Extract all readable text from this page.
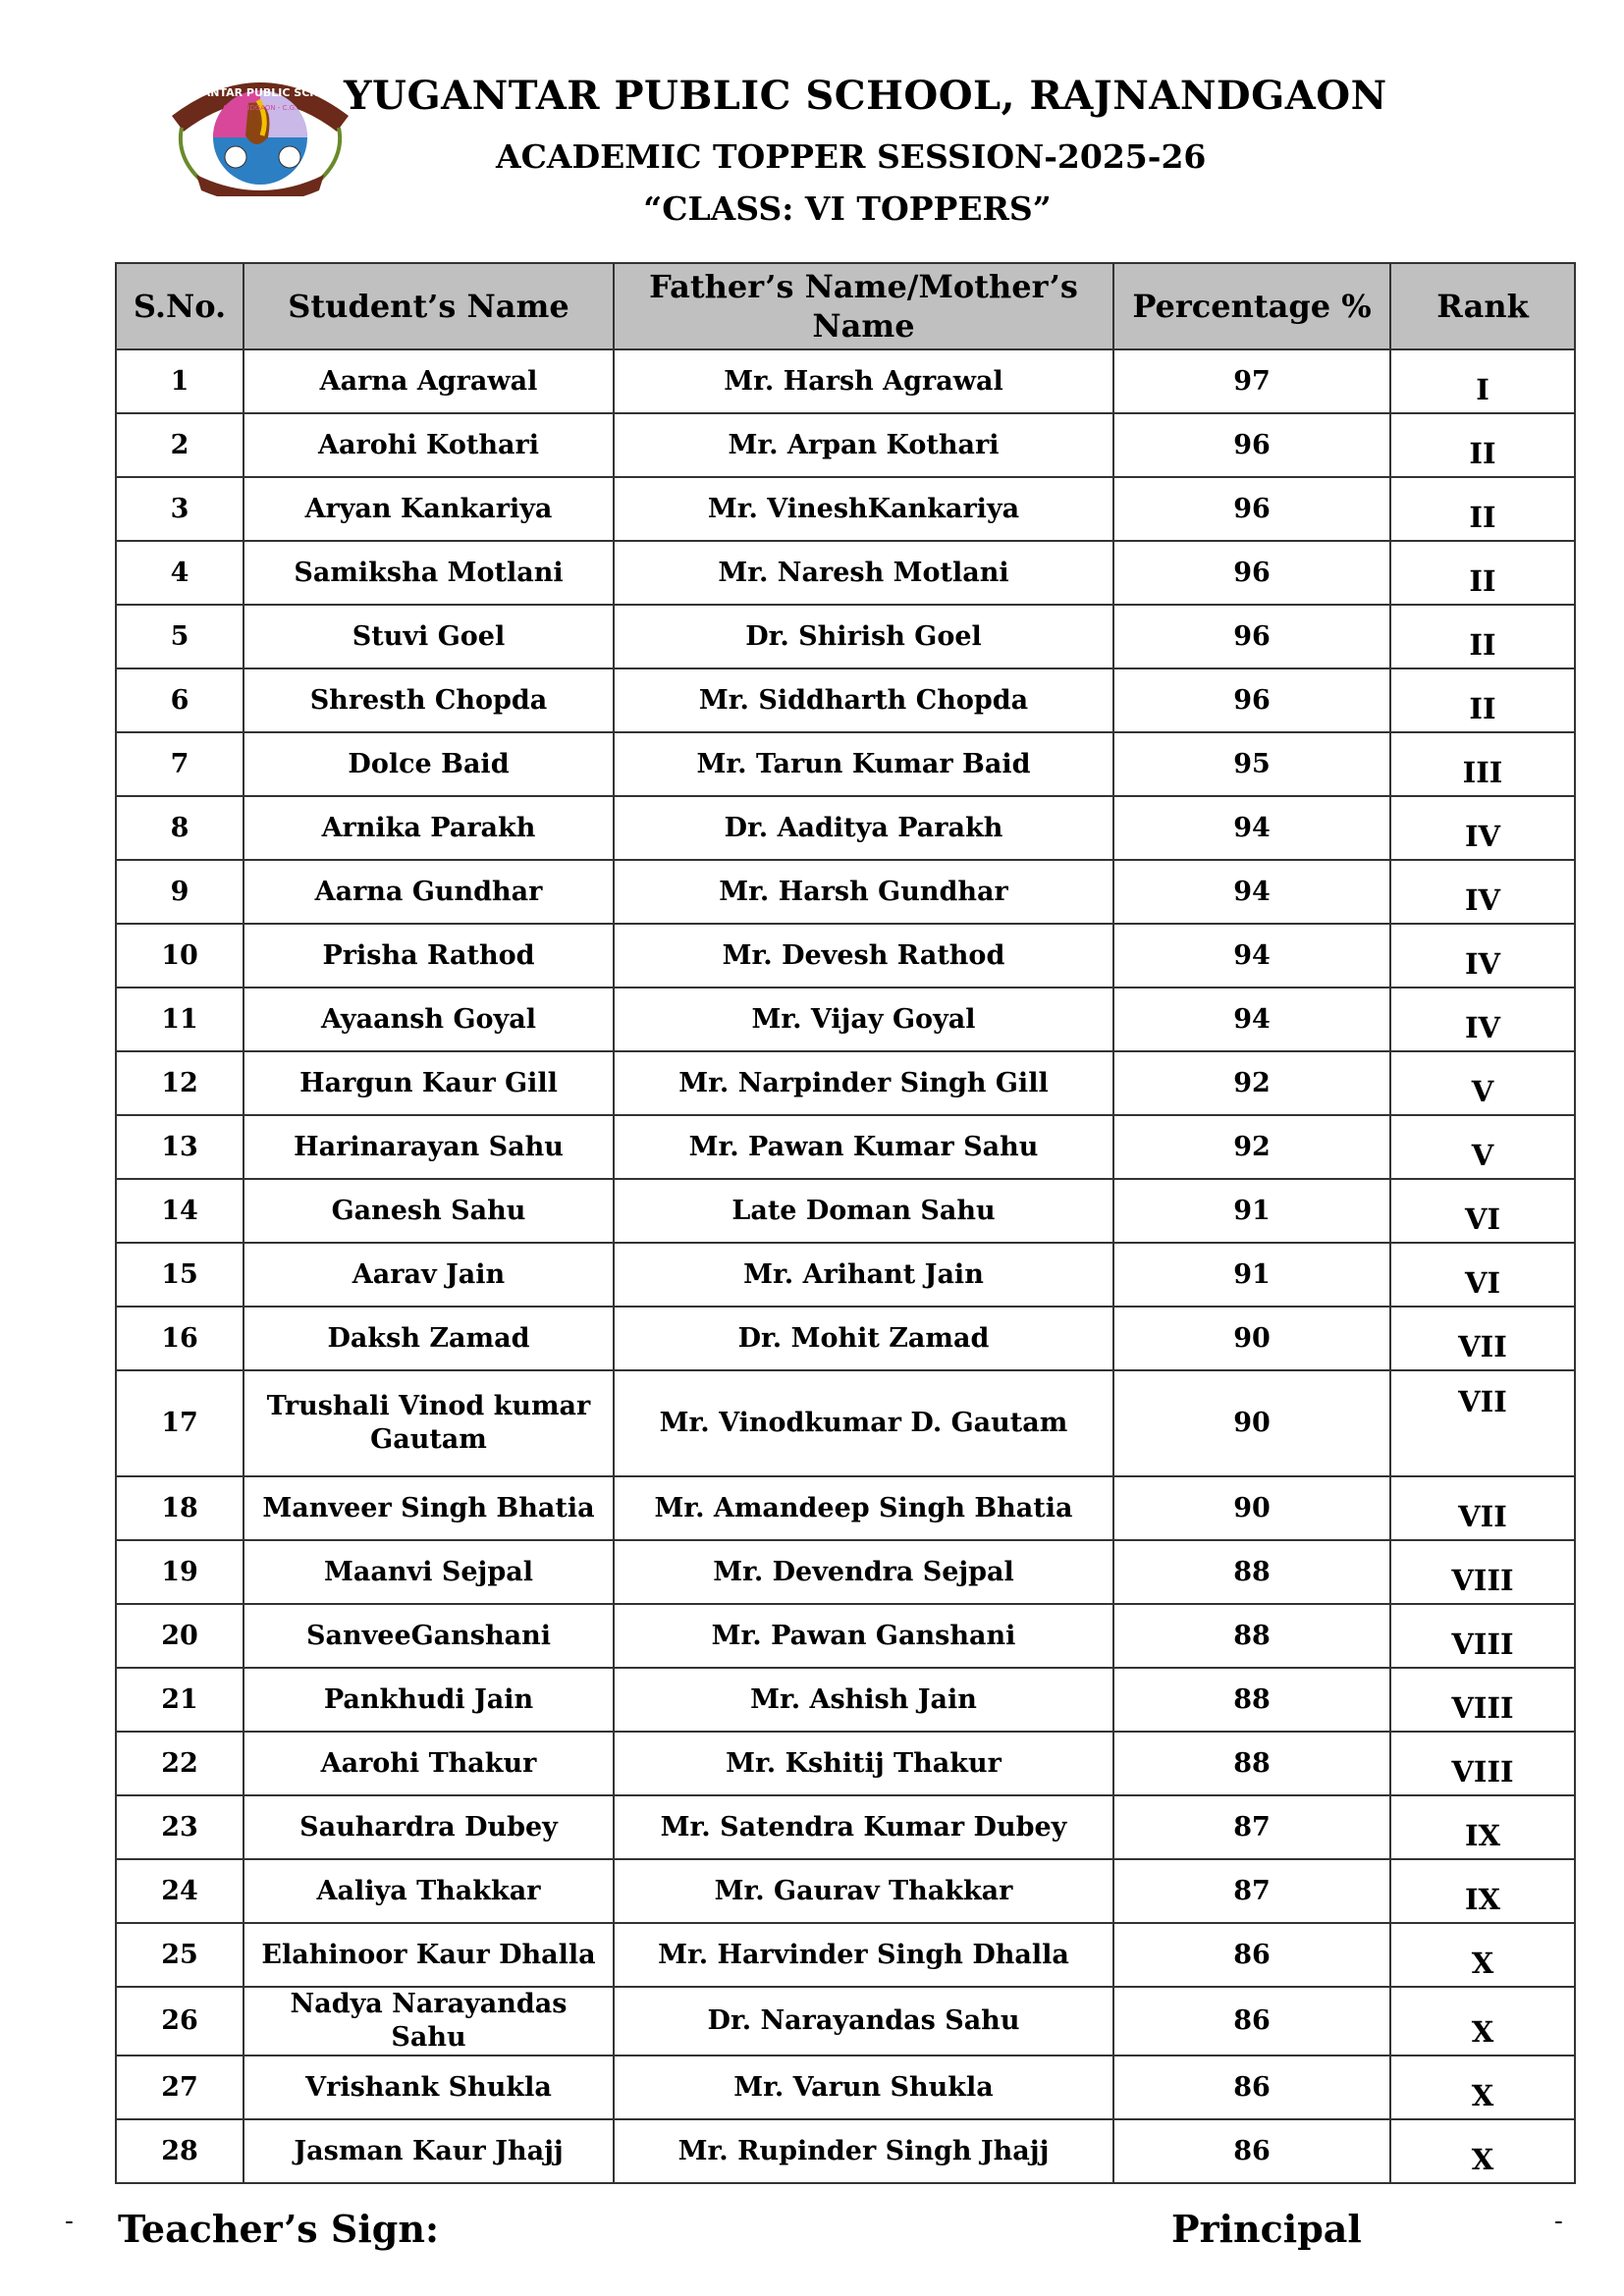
YUGANTAR PUBLIC SCHOOL
RAJNANDGAON - C.G. YUGANTAR PUBLIC SCHOOL, RAJNANDGAON
ACADEMIC TOPPER SESSION-2025-26
“CLASS: VI TOPPERS”
S.No.	Student’s Name	Father’s Name/Mother’s Name	Percentage %	Rank
1	Aarna Agrawal	Mr. Harsh Agrawal	97	I
2	Aarohi Kothari	Mr. Arpan Kothari	96	II
3	Aryan Kankariya	Mr. VineshKankariya	96	II
4	Samiksha Motlani	Mr. Naresh Motlani	96	II
5	Stuvi Goel	Dr. Shirish Goel	96	II
6	Shresth Chopda	Mr. Siddharth Chopda	96	II
7	Dolce Baid	Mr. Tarun Kumar Baid	95	III
8	Arnika Parakh	Dr. Aaditya Parakh	94	IV
9	Aarna Gundhar	Mr. Harsh Gundhar	94	IV
10	Prisha Rathod	Mr. Devesh Rathod	94	IV
11	Ayaansh Goyal	Mr. Vijay Goyal	94	IV
12	Hargun Kaur Gill	Mr. Narpinder Singh Gill	92	V
13	Harinarayan Sahu	Mr. Pawan Kumar Sahu	92	V
14	Ganesh Sahu	Late Doman Sahu	91	VI
15	Aarav Jain	Mr. Arihant Jain	91	VI
16	Daksh Zamad	Dr. Mohit Zamad	90	VII
17	Trushali Vinod kumar Gautam	Mr. Vinodkumar D. Gautam	90	VII
18	Manveer Singh Bhatia	Mr. Amandeep Singh Bhatia	90	VII
19	Maanvi Sejpal	Mr. Devendra Sejpal	88	VIII
20	SanveeGanshani	Mr. Pawan Ganshani	88	VIII
21	Pankhudi Jain	Mr. Ashish Jain	88	VIII
22	Aarohi Thakur	Mr. Kshitij Thakur	88	VIII
23	Sauhardra Dubey	Mr. Satendra Kumar Dubey	87	IX
24	Aaliya Thakkar	Mr. Gaurav Thakkar	87	IX
25	Elahinoor Kaur Dhalla	Mr. Harvinder Singh Dhalla	86	X
26	Nadya Narayandas Sahu	Dr. Narayandas Sahu	86	X
27	Vrishank Shukla	Mr. Varun Shukla	86	X
28	Jasman Kaur Jhajj	Mr. Rupinder Singh Jhajj	86	X
- Teacher’s Sign:	Principal	-
